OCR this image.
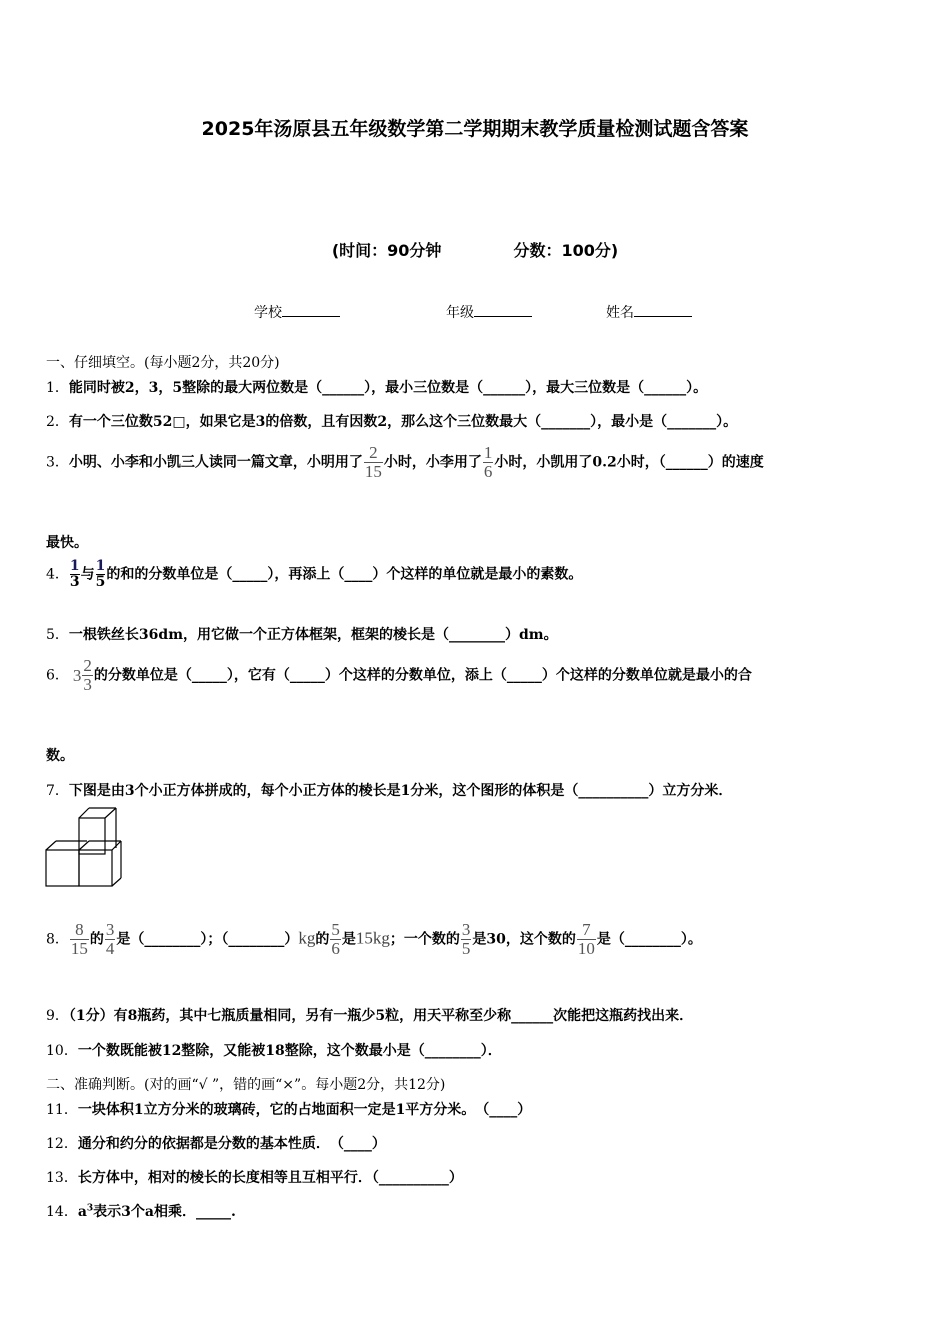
2025年汤原县五年级数学第二学期期末教学质量检测试题含答案
(时间：90分钟	分数：100分)
学校	年级	姓名
一、仔细填空。(每小题2分，共20分)
1．能同时被2，3，5整除的最大两位数是（______），最小三位数是（______），最大三位数是（______）。
2．有一个三位数52□，如果它是3的倍数，且有因数2，那么这个三位数最大（_______），最小是（_______）。
3．小明、小李和小凯三人读同一篇文章，小明用了 $\frac{2}{15}$ 小时，小李用了 $\frac{1}{6}$ 小时，小凯用了0.2小时，（______）的速度
最快。
4． $\frac{1}{3}$ 与 $\frac{1}{5}$ 的和的分数单位是（_____），再添上（____）个这样的单位就是最小的素数。
5．一根铁丝长36dm，用它做一个正方体框架，框架的棱长是（________）dm。
6． $3 \frac{2}{3}$ 的分数单位是（_____），它有（_____）个这样的分数单位，添上（_____）个这样的分数单位就是最小的合
数。
7．下图是由3个小正方体拼成的，每个小正方体的棱长是1分米，这个图形的体积是（__________）立方分米．
8． $\frac{8}{15}$ 的 $\frac{3}{4}$ 是（________）；（________）kg的 $\frac{5}{6}$ 是15kg；一个数的 $\frac{3}{5}$ 是30，这个数的 $\frac{7}{10}$ 是（________）。
9．（1分）有8瓶药，其中七瓶质量相同，另有一瓶少5粒，用天平称至少称______次能把这瓶药找出来．
10．一个数既能被12整除，又能被18整除，这个数最小是（________）．
二、准确判断。(对的画“√ ”，错的画“×”。每小题2分，共12分)
11．一块体积1立方分米的玻璃砖，它的占地面积一定是1平方分米。　（____）
12．通分和约分的依据都是分数的基本性质．　（____）
13．长方体中，相对的棱长的长度相等且互相平行．（__________）
14．$a^3$表示3个a相乘．_____.
